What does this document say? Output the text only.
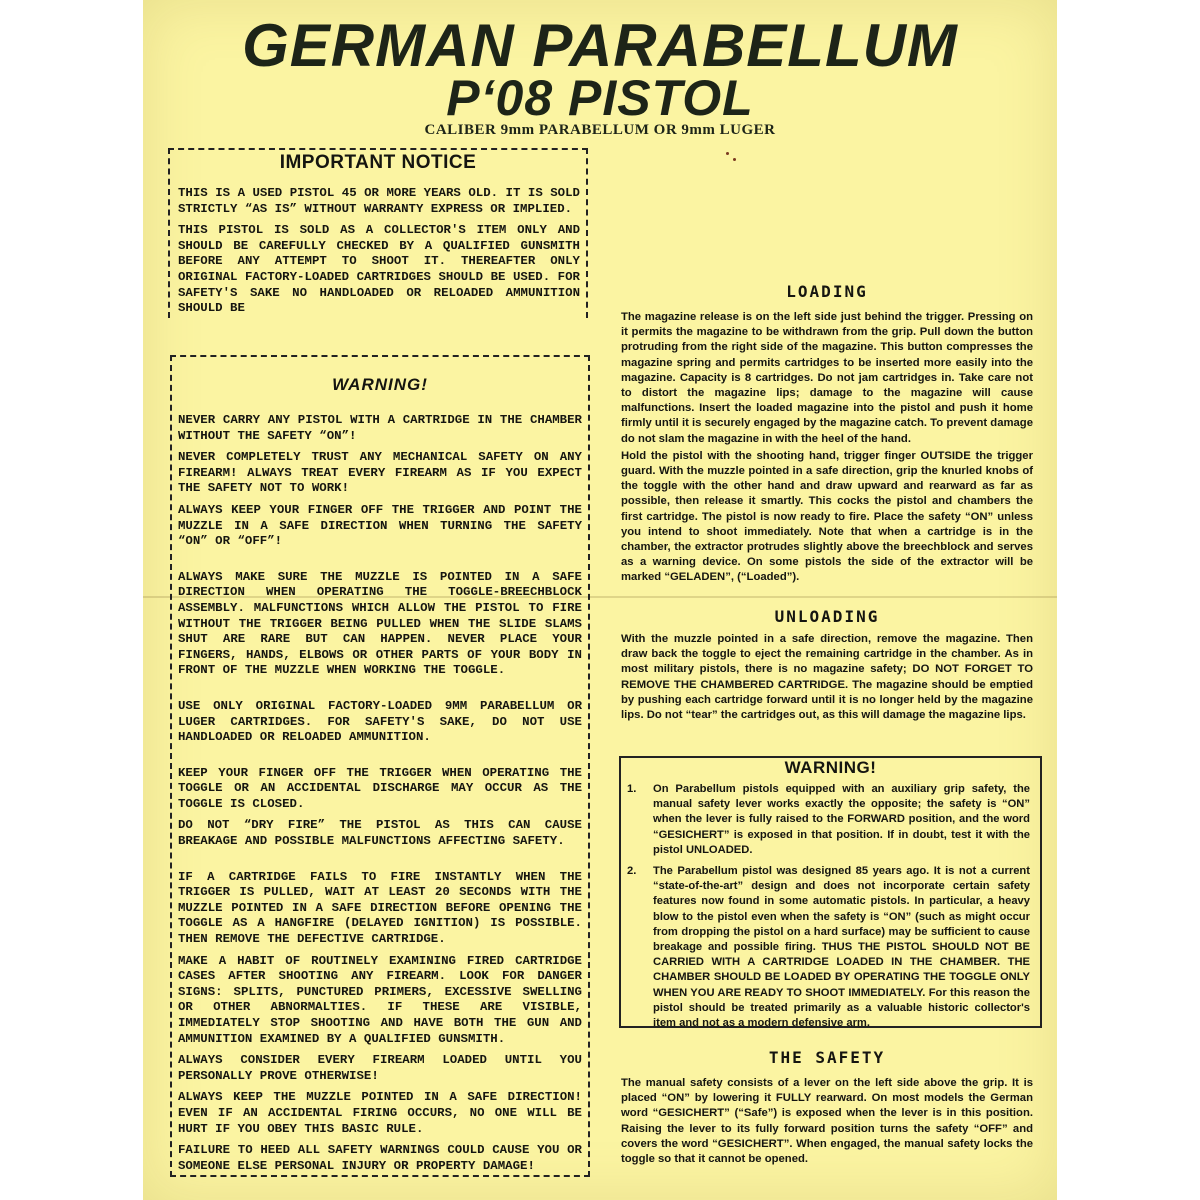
GERMAN PARABELLUM
P‘08 PISTOL
CALIBER 9mm PARABELLUM OR 9mm LUGER
IMPORTANT NOTICE

THIS IS A USED PISTOL 45 OR MORE YEARS OLD. IT IS SOLD STRICTLY “AS IS” WITHOUT WARRANTY EXPRESS OR IMPLIED.

THIS PISTOL IS SOLD AS A COLLECTOR'S ITEM ONLY AND SHOULD BE CAREFULLY CHECKED BY A QUALIFIED GUNSMITH BEFORE ANY ATTEMPT TO SHOOT IT. THEREAFTER ONLY ORIGINAL FACTORY-LOADED CARTRIDGES SHOULD BE USED. FOR SAFETY'S SAKE NO HANDLOADED OR RELOADED AMMUNITION SHOULD BE

WARNING!

NEVER CARRY ANY PISTOL WITH A CARTRIDGE IN THE CHAMBER WITHOUT THE SAFETY “ON”!

NEVER COMPLETELY TRUST ANY MECHANICAL SAFETY ON ANY FIREARM! ALWAYS TREAT EVERY FIREARM AS IF YOU EXPECT THE SAFETY NOT TO WORK!

ALWAYS KEEP YOUR FINGER OFF THE TRIGGER AND POINT THE MUZZLE IN A SAFE DIRECTION WHEN TURNING THE SAFETY “ON” OR “OFF”!

ALWAYS MAKE SURE THE MUZZLE IS POINTED IN A SAFE DIRECTION WHEN OPERATING THE TOGGLE-BREECHBLOCK ASSEMBLY. MALFUNCTIONS WHICH ALLOW THE PISTOL TO FIRE WITHOUT THE TRIGGER BEING PULLED WHEN THE SLIDE SLAMS SHUT ARE RARE BUT CAN HAPPEN. NEVER PLACE YOUR FINGERS, HANDS, ELBOWS OR OTHER PARTS OF YOUR BODY IN FRONT OF THE MUZZLE WHEN WORKING THE TOGGLE.

USE ONLY ORIGINAL FACTORY-LOADED 9MM PARABELLUM OR LUGER CARTRIDGES. FOR SAFETY'S SAKE, DO NOT USE HANDLOADED OR RELOADED AMMUNITION.

KEEP YOUR FINGER OFF THE TRIGGER WHEN OPERATING THE TOGGLE OR AN ACCIDENTAL DISCHARGE MAY OCCUR AS THE TOGGLE IS CLOSED.

DO NOT “DRY FIRE” THE PISTOL AS THIS CAN CAUSE BREAKAGE AND POSSIBLE MALFUNCTIONS AFFECTING SAFETY.

IF A CARTRIDGE FAILS TO FIRE INSTANTLY WHEN THE TRIGGER IS PULLED, WAIT AT LEAST 20 SECONDS WITH THE MUZZLE POINTED IN A SAFE DIRECTION BEFORE OPENING THE TOGGLE AS A HANGFIRE (DELAYED IGNITION) IS POSSIBLE. THEN REMOVE THE DEFECTIVE CARTRIDGE.

MAKE A HABIT OF ROUTINELY EXAMINING FIRED CARTRIDGE CASES AFTER SHOOTING ANY FIREARM. LOOK FOR DANGER SIGNS: SPLITS, PUNCTURED PRIMERS, EXCESSIVE SWELLING OR OTHER ABNORMALTIES. IF THESE ARE VISIBLE, IMMEDIATELY STOP SHOOTING AND HAVE BOTH THE GUN AND AMMUNITION EXAMINED BY A QUALIFIED GUNSMITH.

ALWAYS CONSIDER EVERY FIREARM LOADED UNTIL YOU PERSONALLY PROVE OTHERWISE!

ALWAYS KEEP THE MUZZLE POINTED IN A SAFE DIRECTION! EVEN IF AN ACCIDENTAL FIRING OCCURS, NO ONE WILL BE HURT IF YOU OBEY THIS BASIC RULE.

FAILURE TO HEED ALL SAFETY WARNINGS COULD CAUSE YOU OR SOMEONE ELSE PERSONAL INJURY OR PROPERTY DAMAGE!

LOADING

The magazine release is on the left side just behind the trigger. Pressing on it permits the magazine to be withdrawn from the grip. Pull down the button protruding from the right side of the magazine. This button compresses the magazine spring and permits cartridges to be inserted more easily into the magazine. Capacity is 8 cartridges. Do not jam cartridges in. Take care not to distort the magazine lips; damage to the magazine will cause malfunctions. Insert the loaded magazine into the pistol and push it home firmly until it is securely engaged by the magazine catch. To prevent damage do not slam the magazine in with the heel of the hand.

Hold the pistol with the shooting hand, trigger finger OUTSIDE the trigger guard. With the muzzle pointed in a safe direction, grip the knurled knobs of the toggle with the other hand and draw upward and rearward as far as possible, then release it smartly. This cocks the pistol and chambers the first cartridge. The pistol is now ready to fire. Place the safety “ON” unless you intend to shoot immediately. Note that when a cartridge is in the chamber, the extractor protrudes slightly above the breechblock and serves as a warning device. On some pistols the side of the extractor will be marked “GELADEN”, (“Loaded”).

UNLOADING

With the muzzle pointed in a safe direction, remove the magazine. Then draw back the toggle to eject the remaining cartridge in the chamber. As in most military pistols, there is no magazine safety; DO NOT FORGET TO REMOVE THE CHAMBERED CARTRIDGE. The magazine should be emptied by pushing each cartridge forward until it is no longer held by the magazine lips. Do not “tear” the cartridges out, as this will damage the magazine lips.

WARNING!
1.	On Parabellum pistols equipped with an auxiliary grip safety, the manual safety lever works exactly the opposite; the safety is “ON” when the lever is fully raised to the FORWARD position, and the word “GESICHERT” is exposed in that position. If in doubt, test it with the pistol UNLOADED.
2.	The Parabellum pistol was designed 85 years ago. It is not a current “state-of-the-art” design and does not incorporate certain safety features now found in some automatic pistols. In particular, a heavy blow to the pistol even when the safety is “ON” (such as might occur from dropping the pistol on a hard surface) may be sufficient to cause breakage and possible firing. THUS THE PISTOL SHOULD NOT BE CARRIED WITH A CARTRIDGE LOADED IN THE CHAMBER. THE CHAMBER SHOULD BE LOADED BY OPERATING THE TOGGLE ONLY WHEN YOU ARE READY TO SHOOT IMMEDIATELY. For this reason the pistol should be treated primarily as a valuable historic collector's item and not as a modern defensive arm.
THE SAFETY

The manual safety consists of a lever on the left side above the grip. It is placed “ON” by lowering it FULLY rearward. On most models the German word “GESICHERT” (“Safe”) is exposed when the lever is in this position. Raising the lever to its fully forward position turns the safety “OFF” and covers the word “GESICHERT”. When engaged, the manual safety locks the toggle so that it cannot be opened.
